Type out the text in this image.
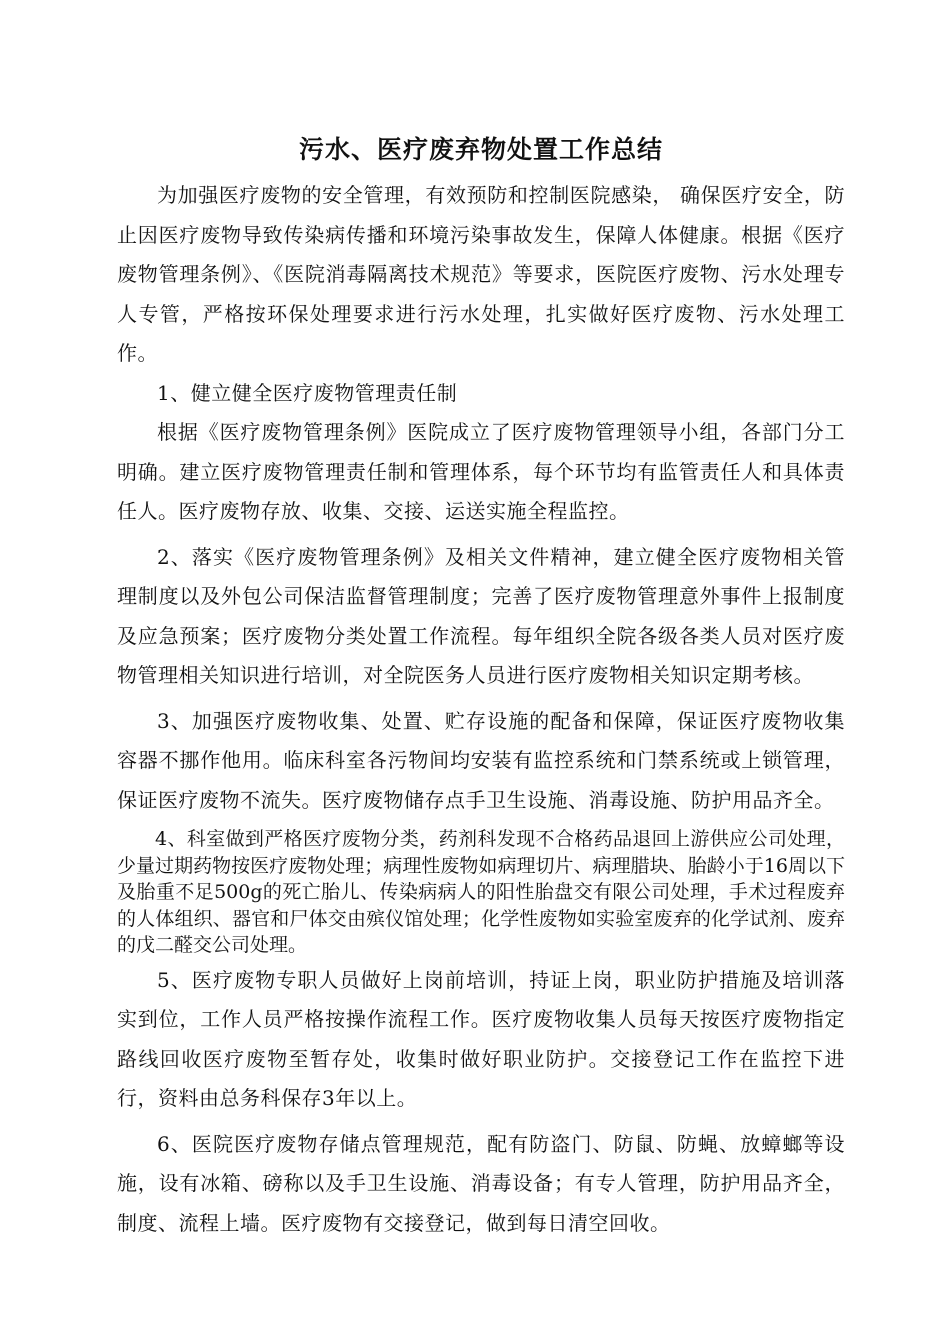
污水、医疗废弃物处置工作总结

为加强医疗废物的安全管理，有效预防和控制医院感染， 确保医疗安全，防止因医疗废物导致传染病传播和环境污染事故发生，保障人体健康。根据《医疗废物管理条例》、《医院消毒隔离技术规范》等要求，医院医疗废物、污水处理专人专管，严格按环保处理要求进行污水处理，扎实做好医疗废物、污水处理工作。

1、健立健全医疗废物管理责任制

根据《医疗废物管理条例》医院成立了医疗废物管理领导小组，各部门分工明确。建立医疗废物管理责任制和管理体系，每个环节均有监管责任人和具体责任人。医疗废物存放、收集、交接、运送实施全程监控。

2、落实《医疗废物管理条例》及相关文件精神，建立健全医疗废物相关管理制度以及外包公司保洁监督管理制度；完善了医疗废物管理意外事件上报制度及应急预案；医疗废物分类处置工作流程。每年组织全院各级各类人员对医疗废物管理相关知识进行培训，对全院医务人员进行医疗废物相关知识定期考核。

3、加强医疗废物收集、处置、贮存设施的配备和保障，保证医疗废物收集容器不挪作他用。临床科室各污物间均安装有监控系统和门禁系统或上锁管理，保证医疗废物不流失。医疗废物储存点手卫生设施、消毒设施、防护用品齐全。

4、科室做到严格医疗废物分类，药剂科发现不合格药品退回上游供应公司处理，少量过期药物按医疗废物处理；病理性废物如病理切片、病理腊块、胎龄小于16周以下及胎重不足500g的死亡胎儿、传染病病人的阳性胎盘交有限公司处理，手术过程废弃的人体组织、器官和尸体交由殡仪馆处理；化学性废物如实验室废弃的化学试剂、废弃的戊二醛交公司处理。

5、医疗废物专职人员做好上岗前培训，持证上岗，职业防护措施及培训落实到位，工作人员严格按操作流程工作。医疗废物收集人员每天按医疗废物指定路线回收医疗废物至暂存处，收集时做好职业防护。交接登记工作在监控下进行，资料由总务科保存3年以上。

6、医院医疗废物存储点管理规范，配有防盗门、防鼠、防蝇、放蟑螂等设施，设有冰箱、磅称以及手卫生设施、消毒设备；有专人管理，防护用品齐全，制度、流程上墙。医疗废物有交接登记，做到每日清空回收。
